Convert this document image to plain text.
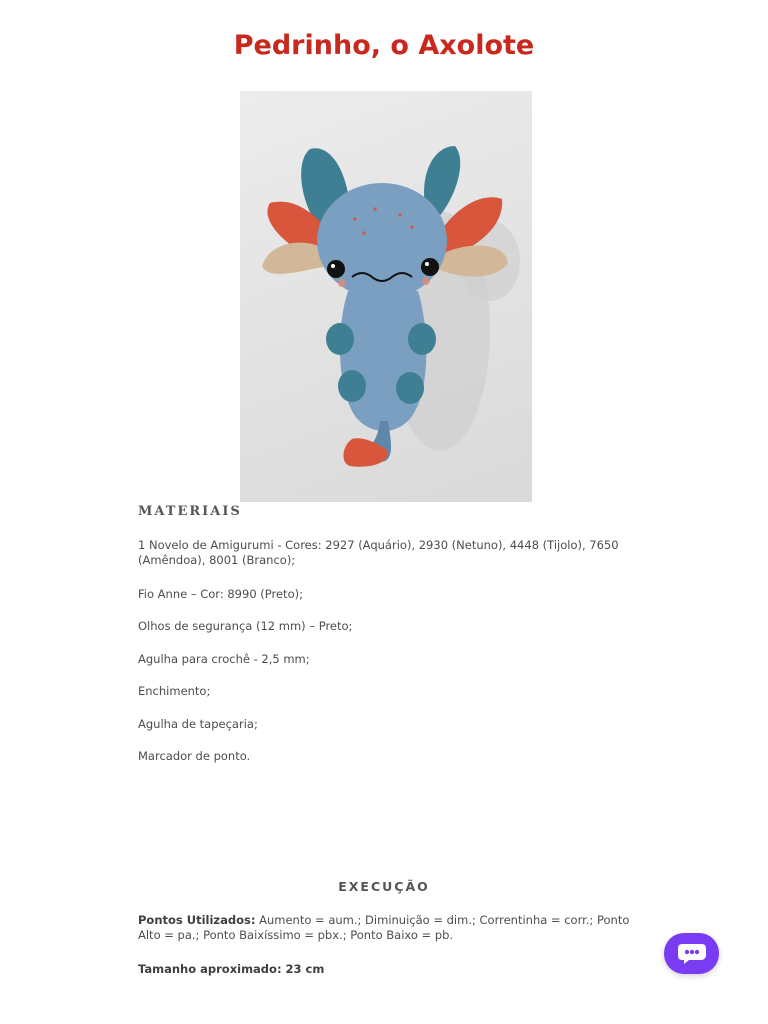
Pedrinho, o Axolote
MATERIAIS

1 Novelo de Amigurumi - Cores: 2927 (Aquário), 2930 (Netuno), 4448 (Tijolo), 7650 (Amêndoa), 8001 (Branco);

Fio Anne – Cor: 8990 (Preto);

Olhos de segurança (12 mm) – Preto;

Agulha para crochê - 2,5 mm;

Enchimento;

Agulha de tapeçaria;

Marcador de ponto.

EXECUÇÃO

Pontos Utilizados: Aumento = aum.; Diminuição = dim.; Correntinha = corr.; Ponto Alto = pa.; Ponto Baixíssimo = pbx.; Ponto Baixo = pb.

Tamanho aproximado: 23 cm
